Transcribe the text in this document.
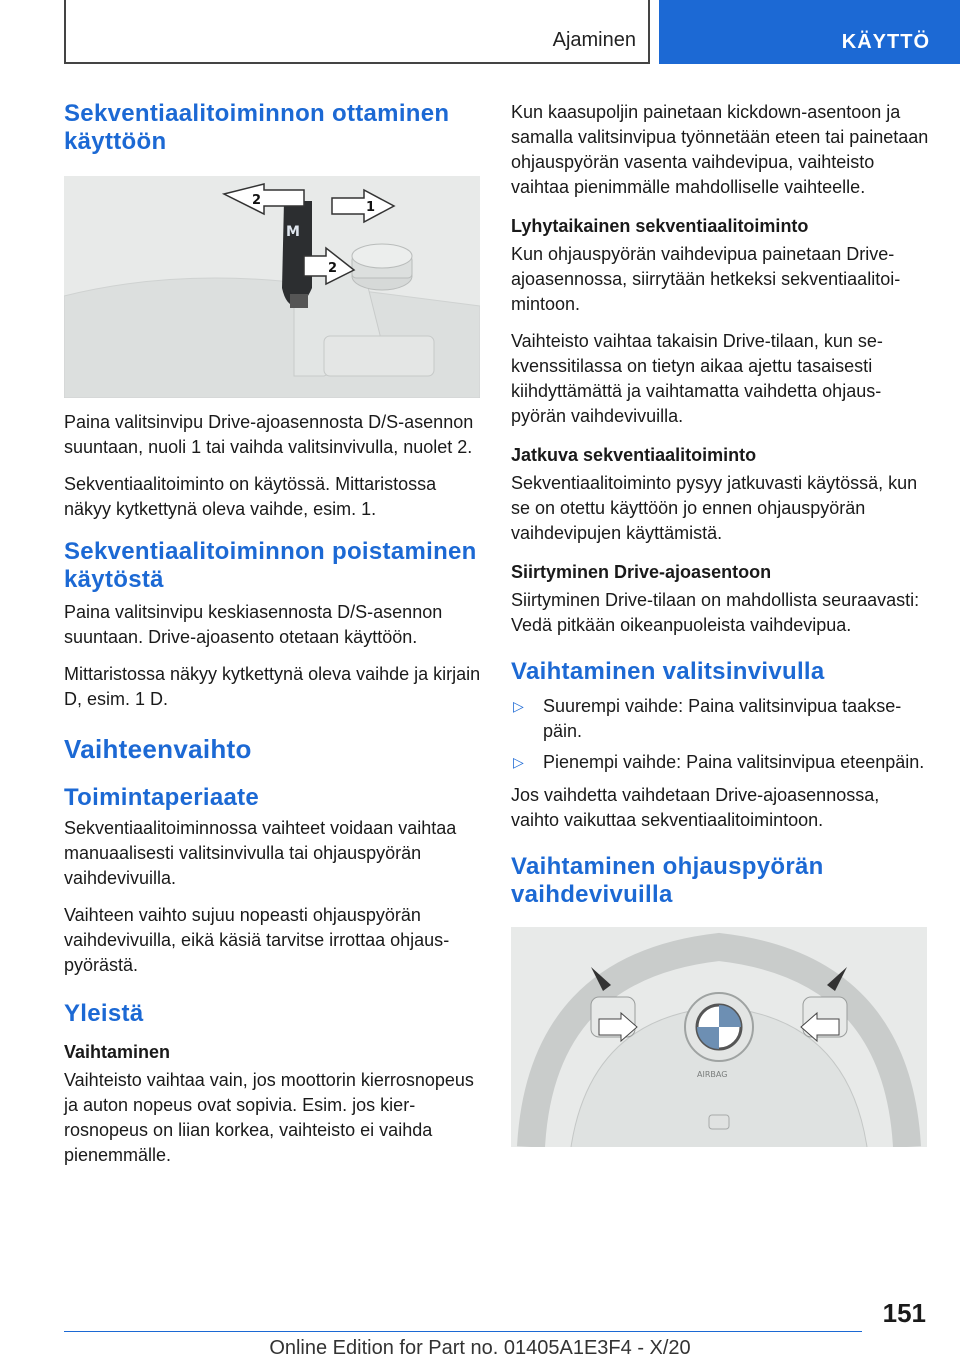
Ajaminen	KÄYTTÖ
Sekventiaalitoiminnon ottaminen käyttöön
M
2	1
2

Paina valitsinvipu Drive-ajoasennosta D/S-asennon suuntaan, nuoli 1 tai vaihda valitsinvivulla, nuolet 2.

Sekventiaalitoiminto on käytössä. Mittaristossa näkyy kytkettynä oleva vaihde, esim. 1.

Sekventiaalitoiminnon poistaminen käytöstä

Paina valitsinvipu keskiasennosta D/S-asennon suuntaan. Drive-ajoasento otetaan käyttöön.

Mittaristossa näkyy kytkettynä oleva vaihde ja kirjain D, esim. 1 D.

Vaihteenvaihto
Toimintaperiaate

Sekventiaalitoiminnossa vaihteet voidaan vaihtaa manuaalisesti valitsinvivulla tai ohjauspyörän vaihdevivuilla.

Vaihteen vaihto sujuu nopeasti ohjauspyörän vaihdevivuilla, eikä käsiä tarvitse irrottaa ohjauspyörästä.

Yleistä
Vaihtaminen

Vaihteisto vaihtaa vain, jos moottorin kierrosnopeus ja auton nopeus ovat sopivia. Esim. jos kierrosnopeus on liian korkea, vaihteisto ei vaihda pienemmälle.

Kun kaasupoljin painetaan kickdown-asentoon ja samalla valitsinvipua työnnetään eteen tai painetaan ohjauspyörän vasenta vaihdevipua, vaihteisto vaihtaa pienimmälle mahdolliselle vaihteelle.

Lyhytaikainen sekventiaalitoiminto

Kun ohjauspyörän vaihdevipua painetaan Drive-ajoasennossa, siirrytään hetkeksi sekventiaalitoimintoon.

Vaihteisto vaihtaa takaisin Drive-tilaan, kun sekvenssitilassa on tietyn aikaa ajettu tasaisesti kiihdyttämättä ja vaihtamatta vaihdetta ohjauspyörän vaihdevivuilla.

Jatkuva sekventiaalitoiminto

Sekventiaalitoiminto pysyy jatkuvasti käytössä, kun se on otettu käyttöön jo ennen ohjauspyörän vaihdevipujen käyttämistä.

Siirtyminen Drive-ajoasentoon

Siirtyminen Drive-tilaan on mahdollista seuraavasti: Vedä pitkään oikeanpuoleista vaihdevipua.

Vaihtaminen valitsinvivulla
▷	Suurempi vaihde: Paina valitsinvipua taaksepäin.
▷	Pienempi vaihde: Paina valitsinvipua eteenpäin.

Jos vaihdetta vaihdetaan Drive-ajoasennossa, vaihto vaikuttaa sekventiaalitoimintoon.

Vaihtaminen ohjauspyörän vaihdevivuilla
AIRBAG
151
Online Edition for Part no. 01405A1E3F4 - X/20
